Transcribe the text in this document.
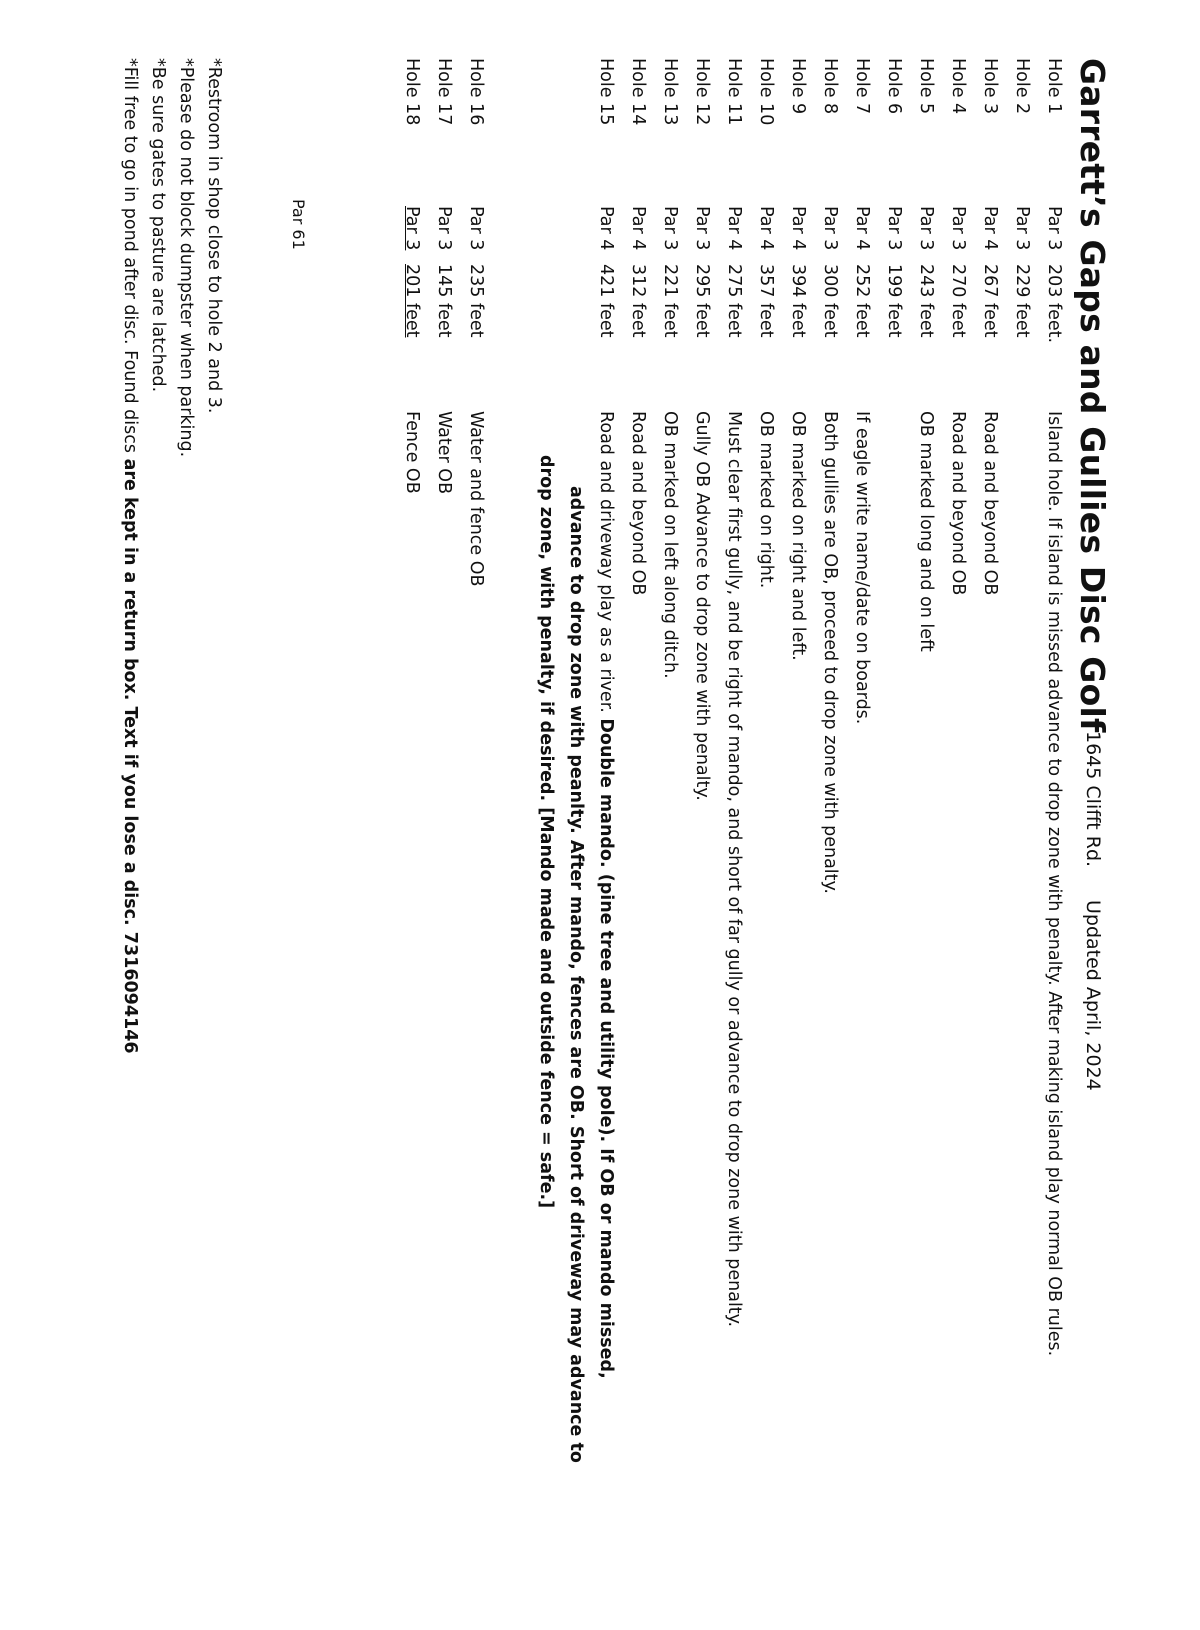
Garrett’s Gaps and Gullies Disc Golf
1645 Clifft Rd.
Updated April, 2024
Hole 1
Par 3
203 feet.
Island hole. If island is missed advance to drop zone with penalty. After making island play normal OB rules.
Hole 2
Par 3
229 feet
Hole 3
Par 4
267 feet
Road and beyond OB
Hole 4
Par 3
270 feet
Road and beyond OB
Hole 5
Par 3
243 feet
OB marked long and on left
Hole 6
Par 3
199 feet
Hole 7
Par 4
252 feet
If eagle write name/date on boards.
Hole 8
Par 3
300 feet
Both gullies are OB, proceed to drop zone with penalty.
Hole 9
Par 4
394 feet
OB marked on right and left.
Hole 10
Par 4
357 feet
OB marked on right.
Hole 11
Par 4
275 feet
Must clear first gully, and be right of mando, and short of far gully or advance to drop zone with penalty.
Hole 12
Par 3
295 feet
Gully OB Advance to drop zone with penalty.
Hole 13
Par 3
221 feet
OB marked on left along ditch.
Hole 14
Par 4
312 feet
Road and beyond OB
Hole 15
Par 4
421 feet
Road and driveway play as a river. Double mando. (pine tree and utility pole). If OB or mando missed,
advance to drop zone with peanlty. After mando, fences are OB. Short of driveway may advance to
drop zone, with penalty, if desired. [Mando made and outside fence = safe.]
Hole 16
Par 3
235 feet
Water and fence OB
Hole 17
Par 3
145 feet
Water OB
Hole 18
Par 3
201 feet
Fence OB
Par 61
*Restroom in shop close to hole 2 and 3.
*Please do not block dumpster when parking.
*Be sure gates to pasture are latched.
*Fill free to go in pond after disc. Found discs are kept in a return box. Text if you lose a disc. 7316094146
